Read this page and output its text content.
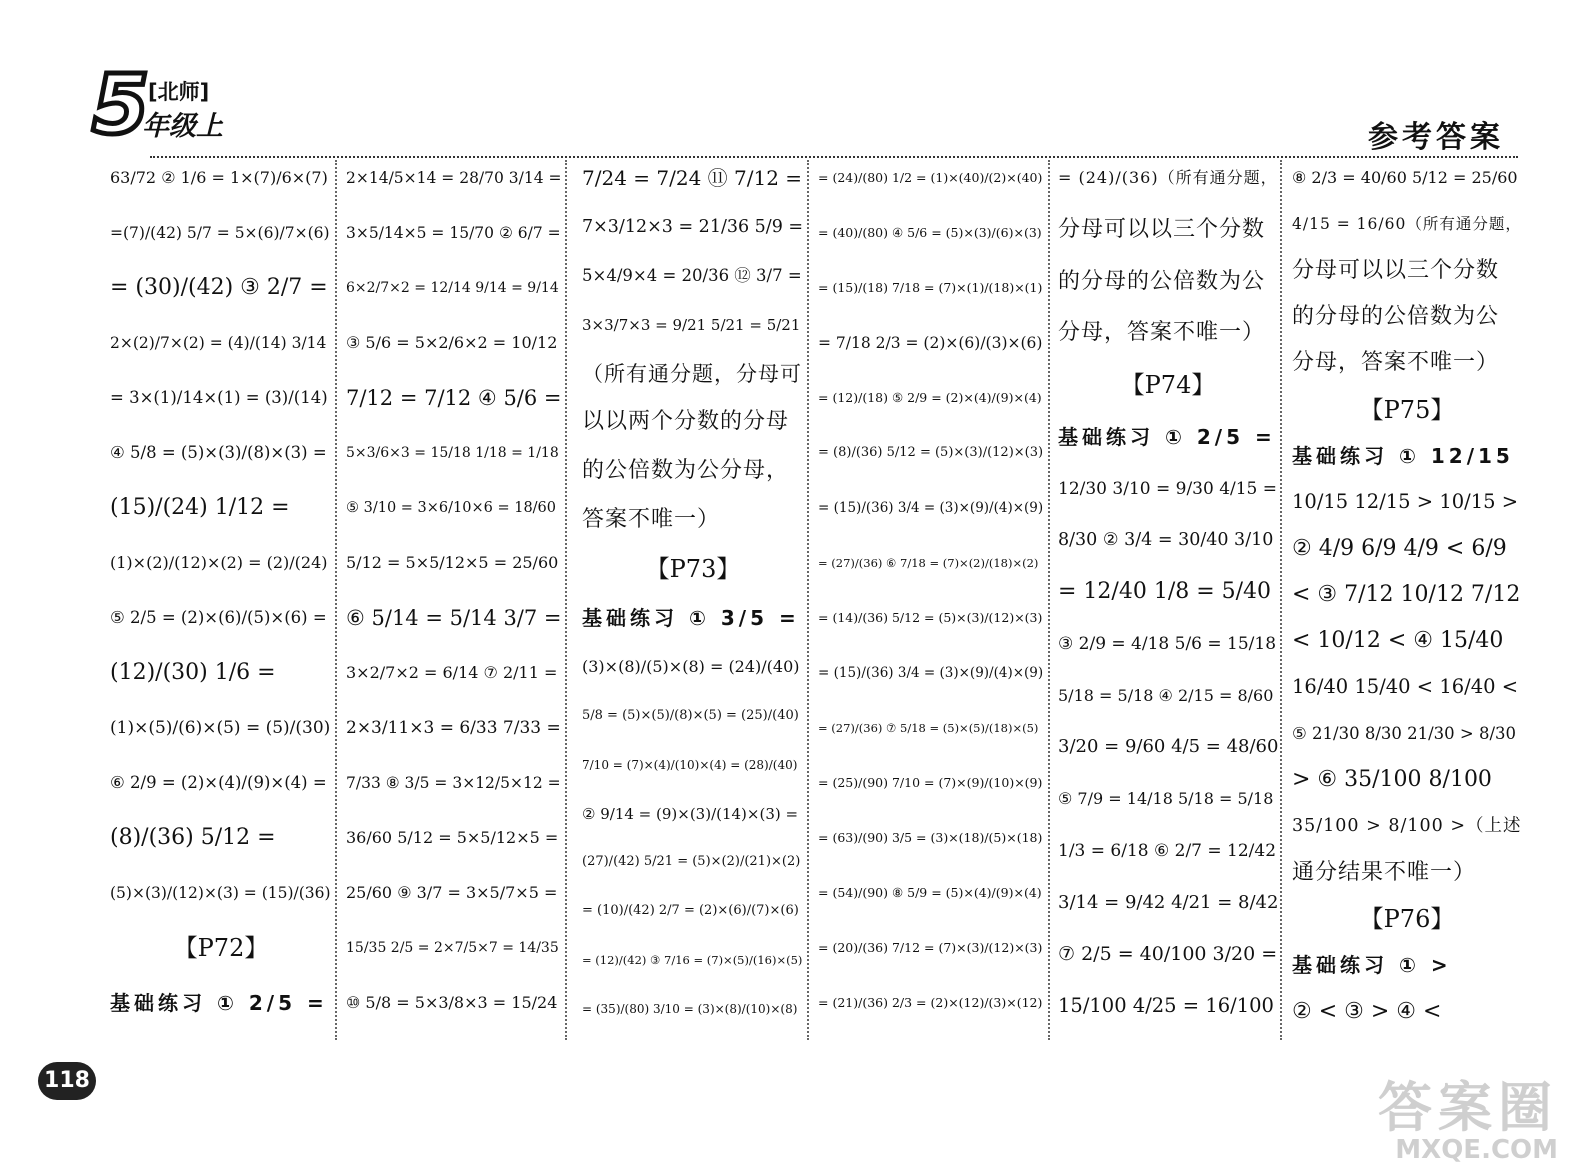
5
[北师]
年级上	参考答案
63/72 ② 1/6 = 1×(7)/6×(7)
=(7)/(42) 5/7 = 5×(6)/7×(6)
= (30)/(42) ③ 2/7 =
2×(2)/7×(2) = (4)/(14) 3/14
= 3×(1)/14×(1) = (3)/(14)
④ 5/8 = (5)×(3)/(8)×(3) =
(15)/(24) 1/12 =
(1)×(2)/(12)×(2) = (2)/(24)
⑤ 2/5 = (2)×(6)/(5)×(6) =
(12)/(30) 1/6 =
(1)×(5)/(6)×(5) = (5)/(30)
⑥ 2/9 = (2)×(4)/(9)×(4) =
(8)/(36) 5/12 =
(5)×(3)/(12)×(3) = (15)/(36)
【P72】
基础练习 ① 2/5 =
2×14/5×14 = 28/70 3/14 =
3×5/14×5 = 15/70 ② 6/7 =
6×2/7×2 = 12/14 9/14 = 9/14
③ 5/6 = 5×2/6×2 = 10/12
7/12 = 7/12 ④ 5/6 =
5×3/6×3 = 15/18 1/18 = 1/18
⑤ 3/10 = 3×6/10×6 = 18/60
5/12 = 5×5/12×5 = 25/60
⑥ 5/14 = 5/14 3/7 =
3×2/7×2 = 6/14 ⑦ 2/11 =
2×3/11×3 = 6/33 7/33 =
7/33 ⑧ 3/5 = 3×12/5×12 =
36/60 5/12 = 5×5/12×5 =
25/60 ⑨ 3/7 = 3×5/7×5 =
15/35 2/5 = 2×7/5×7 = 14/35
⑩ 5/8 = 5×3/8×3 = 15/24
7/24 = 7/24 ⑪ 7/12 =
7×3/12×3 = 21/36 5/9 =
5×4/9×4 = 20/36 ⑫ 3/7 =
3×3/7×3 = 9/21 5/21 = 5/21
（所有通分题，分母可
以以两个分数的分母
的公倍数为公分母，
答案不唯一）
【P73】
基础练习 ① 3/5 =
(3)×(8)/(5)×(8) = (24)/(40)
5/8 = (5)×(5)/(8)×(5) = (25)/(40)
7/10 = (7)×(4)/(10)×(4) = (28)/(40)
② 9/14 = (9)×(3)/(14)×(3) =
(27)/(42) 5/21 = (5)×(2)/(21)×(2)
= (10)/(42) 2/7 = (2)×(6)/(7)×(6)
= (12)/(42) ③ 7/16 = (7)×(5)/(16)×(5)
= (35)/(80) 3/10 = (3)×(8)/(10)×(8)
= (24)/(80) 1/2 = (1)×(40)/(2)×(40)
= (40)/(80) ④ 5/6 = (5)×(3)/(6)×(3)
= (15)/(18) 7/18 = (7)×(1)/(18)×(1)
= 7/18 2/3 = (2)×(6)/(3)×(6)
= (12)/(18) ⑤ 2/9 = (2)×(4)/(9)×(4)
= (8)/(36) 5/12 = (5)×(3)/(12)×(3)
= (15)/(36) 3/4 = (3)×(9)/(4)×(9)
= (27)/(36) ⑥ 7/18 = (7)×(2)/(18)×(2)
= (14)/(36) 5/12 = (5)×(3)/(12)×(3)
= (15)/(36) 3/4 = (3)×(9)/(4)×(9)
= (27)/(36) ⑦ 5/18 = (5)×(5)/(18)×(5)
= (25)/(90) 7/10 = (7)×(9)/(10)×(9)
= (63)/(90) 3/5 = (3)×(18)/(5)×(18)
= (54)/(90) ⑧ 5/9 = (5)×(4)/(9)×(4)
= (20)/(36) 7/12 = (7)×(3)/(12)×(3)
= (21)/(36) 2/3 = (2)×(12)/(3)×(12)
= (24)/(36)（所有通分题，
分母可以以三个分数
的分母的公倍数为公
分母，答案不唯一）
【P74】
基础练习 ① 2/5 =
12/30 3/10 = 9/30 4/15 =
8/30 ② 3/4 = 30/40 3/10
= 12/40 1/8 = 5/40
③ 2/9 = 4/18 5/6 = 15/18
5/18 = 5/18 ④ 2/15 = 8/60
3/20 = 9/60 4/5 = 48/60
⑤ 7/9 = 14/18 5/18 = 5/18
1/3 = 6/18 ⑥ 2/7 = 12/42
3/14 = 9/42 4/21 = 8/42
⑦ 2/5 = 40/100 3/20 =
15/100 4/25 = 16/100
⑧ 2/3 = 40/60 5/12 = 25/60
4/15 = 16/60（所有通分题，
分母可以以三个分数
的分母的公倍数为公
分母，答案不唯一）
【P75】
基础练习 ① 12/15
10/15 12/15 > 10/15 >
② 4/9 6/9 4/9 < 6/9
< ③ 7/12 10/12 7/12
< 10/12 < ④ 15/40
16/40 15/40 < 16/40 <
⑤ 21/30 8/30 21/30 > 8/30
> ⑥ 35/100 8/100
35/100 > 8/100 >（上述
通分结果不唯一）
【P76】
基础练习 ① >
② < ③ > ④ <
118	答案圈
MXQE.COM
